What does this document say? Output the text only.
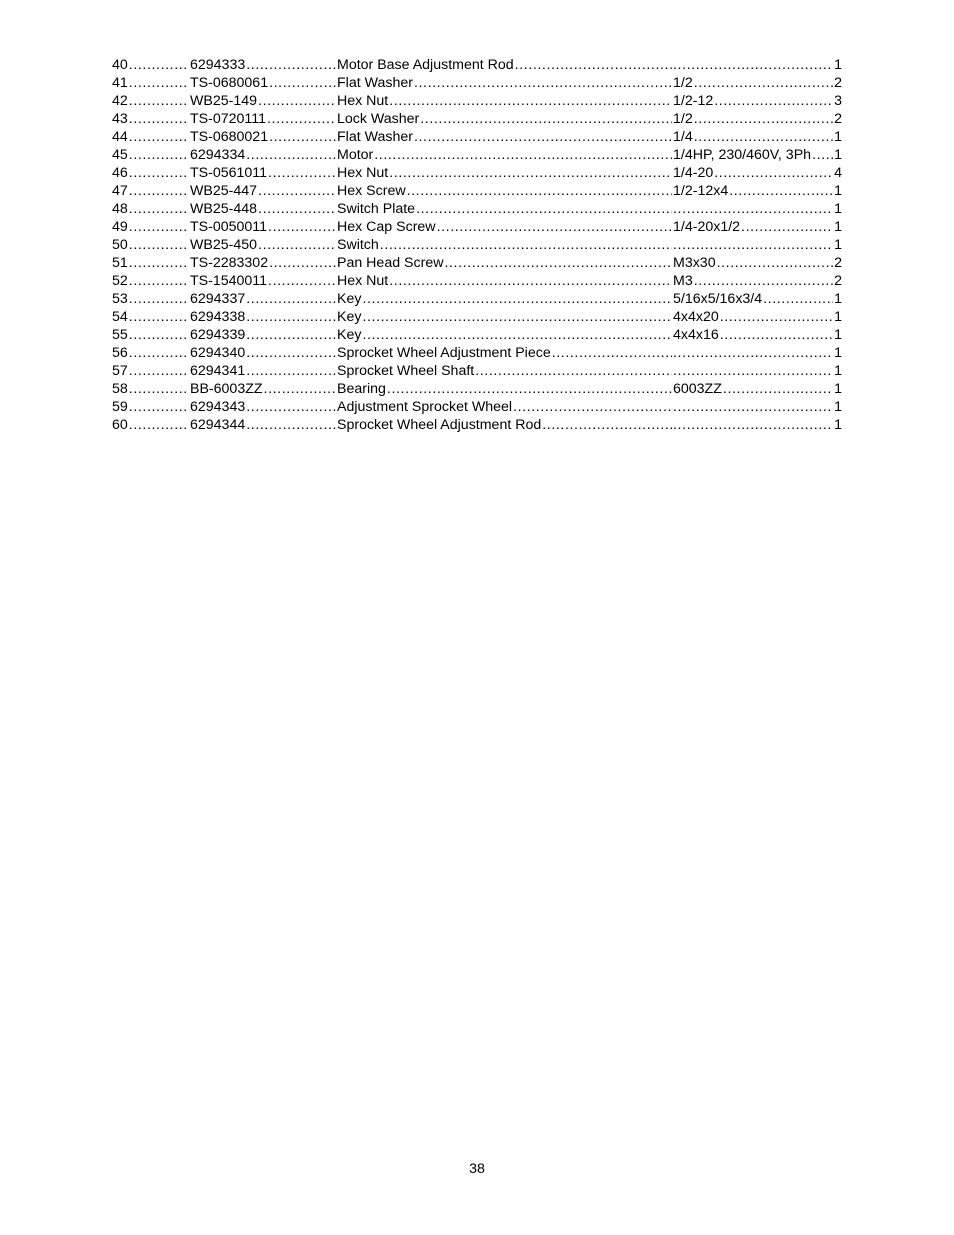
40 .....	6294333 .....	Motor Base Adjustment Rod ..... .....	1
41 .....	TS-0680061 .....	Flat Washer .....	1/2 .....	2
42 .....	WB25-149 .....	Hex Nut .....	1/2-12 .....	3
43 .....	TS-0720111 .....	Lock Washer .....	1/2 .....	2
44 .....	TS-0680021 .....	Flat Washer .....	1/4 .....	1
45 .....	6294334 .....	Motor .....	1/4HP, 230/460V, 3Ph ..... 1
46 .....	TS-0561011 .....	Hex Nut .....	1/4-20 .....	4
47 .....	WB25-447 .....	Hex Screw .....	1/2-12x4 .....	1
48 .....	WB25-448 .....	Switch Plate ..... .....	1
49 .....	TS-0050011 .....	Hex Cap Screw .....	1/4-20x1/2 .....	1
50 .....	WB25-450 .....	Switch ..... .....	1
51 .....	TS-2283302 .....	Pan Head Screw .....	M3x30 .....	2
52 .....	TS-1540011 .....	Hex Nut .....	M3 .....	2
53 .....	6294337 .....	Key .....	5/16x5/16x3/4 .....	1
54 .....	6294338 .....	Key .....	4x4x20 .....	1
55 .....	6294339 .....	Key .....	4x4x16 .....	1
56 .....	6294340 .....	Sprocket Wheel Adjustment Piece ..... .....	1
57 .....	6294341 .....	Sprocket Wheel Shaft ..... .....	1
58 .....	BB-6003ZZ .....	Bearing .....	6003ZZ .....	1
59 .....	6294343 .....	Adjustment Sprocket Wheel ..... .....	1
60 .....	6294344 .....	Sprocket Wheel Adjustment Rod ..... .....	1
38
